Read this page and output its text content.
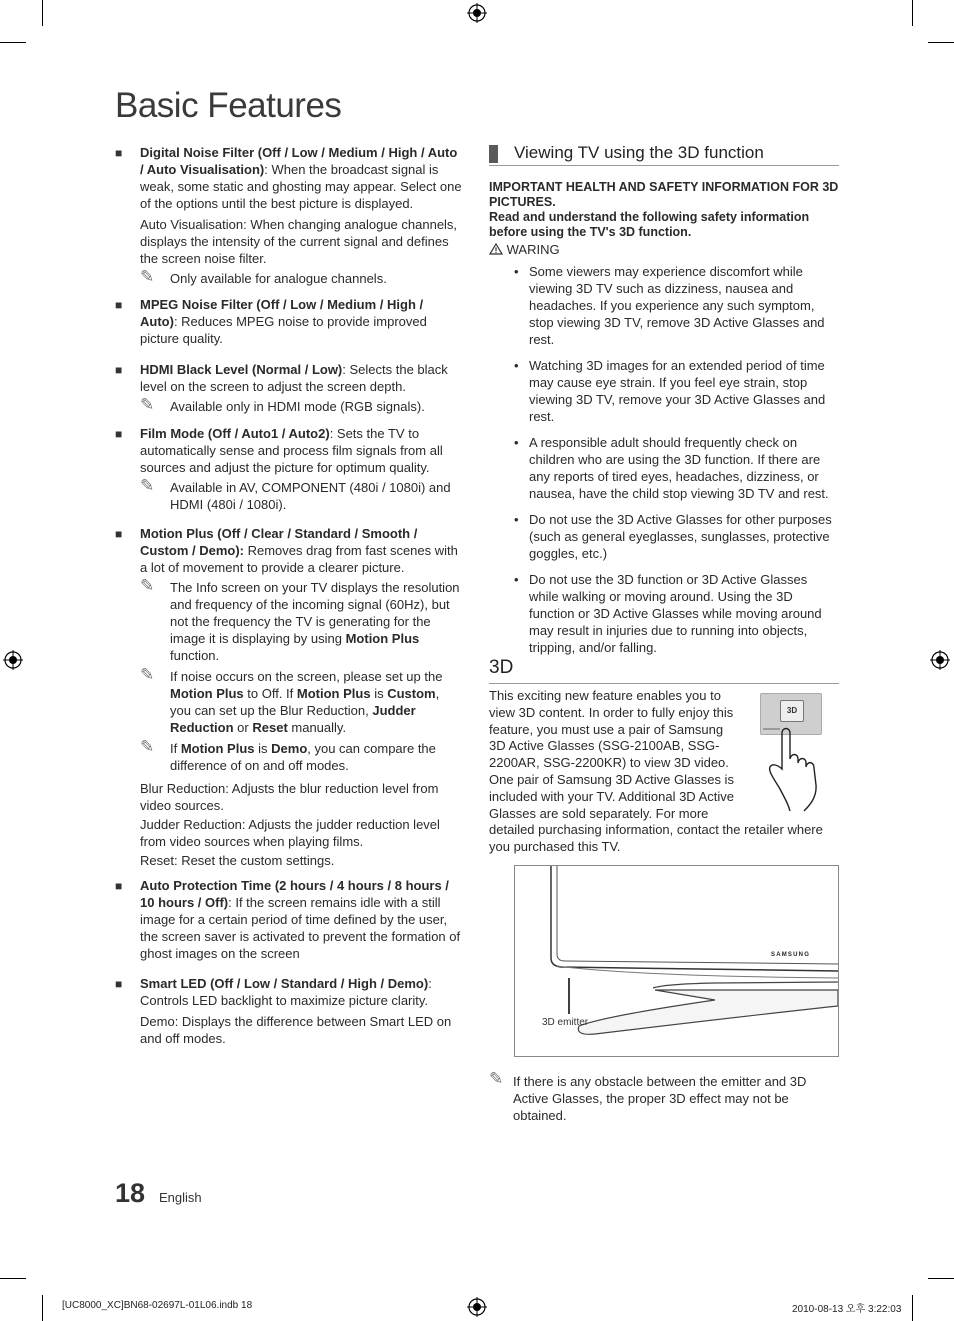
Basic Features
■ Digital Noise Filter (Off / Low / Medium / High / Auto / Auto Visualisation): When the broadcast signal is weak, some static and ghosting may appear. Select one of the options until the best picture is displayed.
Auto Visualisation: When changing analogue channels, displays the intensity of the current signal and defines the screen noise filter.
✎ Only available for analogue channels.
■ MPEG Noise Filter (Off / Low / Medium / High / Auto): Reduces MPEG noise to provide improved picture quality.
■ HDMI Black Level (Normal / Low): Selects the black level on the screen to adjust the screen depth.
✎ Available only in HDMI mode (RGB signals).
■ Film Mode (Off / Auto1 / Auto2): Sets the TV to automatically sense and process film signals from all sources and adjust the picture for optimum quality.
✎ Available in AV, COMPONENT (480i / 1080i) and HDMI (480i / 1080i).
■ Motion Plus (Off / Clear / Standard / Smooth / Custom / Demo): Removes drag from fast scenes with a lot of movement to provide a clearer picture.
✎ The Info screen on your TV displays the resolution and frequency of the incoming signal (60Hz), but not the frequency the TV is generating for the image it is displaying by using Motion Plus function.
✎ If noise occurs on the screen, please set up the Motion Plus to Off. If Motion Plus is Custom, you can set up the Blur Reduction, Judder Reduction or Reset manually.
✎ If Motion Plus is Demo, you can compare the difference of on and off modes.
Blur Reduction: Adjusts the blur reduction level from video sources.
Judder Reduction: Adjusts the judder reduction level from video sources when playing films.
Reset: Reset the custom settings.
■ Auto Protection Time (2 hours / 4 hours / 8 hours / 10 hours / Off): If the screen remains idle with a still image for a certain period of time defined by the user, the screen saver is activated to prevent the formation of ghost images on the screen
■ Smart LED (Off / Low / Standard / High / Demo): Controls LED backlight to maximize picture clarity.
Demo: Displays the difference between Smart LED on and off modes.
Viewing TV using the 3D function
IMPORTANT HEALTH AND SAFETY INFORMATION FOR 3D PICTURES.
Read and understand the following safety information before using the TV's 3D function.
WARING
• Some viewers may experience discomfort while viewing 3D TV such as dizziness, nausea and headaches. If you experience any such symptom, stop viewing 3D TV, remove 3D Active Glasses and rest.
• Watching 3D images for an extended period of time may cause eye strain. If you feel eye strain, stop viewing 3D TV, remove your 3D Active Glasses and rest.
• A responsible adult should frequently check on children who are using the 3D function. If there are any reports of tired eyes, headaches, dizziness, or nausea, have the child stop viewing 3D TV and rest.
• Do not use the 3D Active Glasses for other purposes (such as general eyeglasses, sunglasses, protective goggles, etc.)
• Do not use the 3D function or 3D Active Glasses while walking or moving around. Using the 3D function or 3D Active Glasses while moving around may result in injuries due to running into objects, tripping, and/or falling.
3D
This exciting new feature enables you to
view 3D content. In order to fully enjoy this
feature, you must use a pair of Samsung
3D Active Glasses (SSG-2100AB, SSG-
2200AR, SSG-2200KR) to view 3D video.
One pair of Samsung 3D Active Glasses is
included with your TV. Additional 3D Active
Glasses are sold separately. For more
detailed purchasing information, contact the retailer where
you purchased this TV.
3D
SAMSUNG
3D emitter
✎ If there is any obstacle between the emitter and 3D Active Glasses, the proper 3D effect may not be obtained.
18 English
[UC8000_XC]BN68-02697L-01L06.indb 18	2010-08-13 오후 3:22:03
